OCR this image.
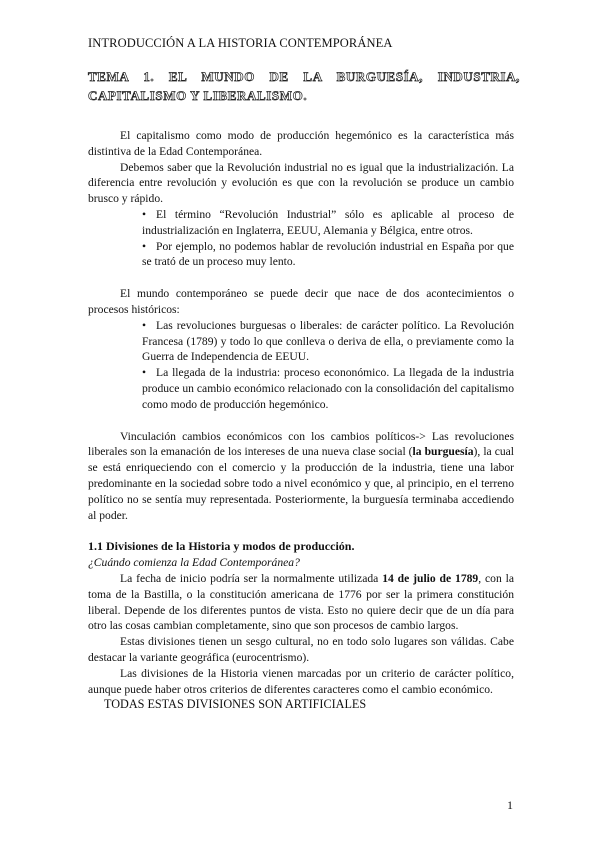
INTRODUCCIÓN A LA HISTORIA CONTEMPORÁNEA
TEMA 1. EL MUNDO DE LA BURGUESÍA, INDUSTRIA, CAPITALISMO Y LIBERALISMO.

El capitalismo como modo de producción hegemónico es la característica más distintiva de la Edad Contemporánea.

Debemos saber que la Revolución industrial no es igual que la industrialización. La diferencia entre revolución y evolución es que con la revolución se produce un cambio brusco y rápido.

• El término “Revolución Industrial” sólo es aplicable al proceso de industrialización en Inglaterra, EEUU, Alemania y Bélgica, entre otros.
• Por ejemplo, no podemos hablar de revolución industrial en España por que se trató de un proceso muy lento.

El mundo contemporáneo se puede decir que nace de dos acontecimientos o procesos históricos:

• Las revoluciones burguesas o liberales: de carácter político. La Revolución Francesa (1789) y todo lo que conlleva o deriva de ella, o previamente como la Guerra de Independencia de EEUU.
• La llegada de la industria: proceso econonómico. La llegada de la industria produce un cambio económico relacionado con la consolidación del capitalismo como modo de producción hegemónico.

Vinculación cambios económicos con los cambios políticos-> Las revoluciones liberales son la emanación de los intereses de una nueva clase social (la burguesía), la cual se está enriqueciendo con el comercio y la producción de la industria, tiene una labor predominante en la sociedad sobre todo a nivel económico y que, al principio, en el terreno político no se sentía muy representada. Posteriormente, la burguesía terminaba accediendo al poder.

1.1 Divisiones de la Historia y modos de producción.

¿Cuándo comienza la Edad Contemporánea?

La fecha de inicio podría ser la normalmente utilizada 14 de julio de 1789, con la toma de la Bastilla, o la constitución americana de 1776 por ser la primera constitución liberal. Depende de los diferentes puntos de vista. Esto no quiere decir que de un día para otro las cosas cambian completamente, sino que son procesos de cambio largos.

Estas divisiones tienen un sesgo cultural, no en todo solo lugares son válidas. Cabe destacar la variante geográfica (eurocentrismo).

Las divisiones de la Historia vienen marcadas por un criterio de carácter político, aunque puede haber otros criterios de diferentes caracteres como el cambio económico.

TODAS ESTAS DIVISIONES SON ARTIFICIALES

1
